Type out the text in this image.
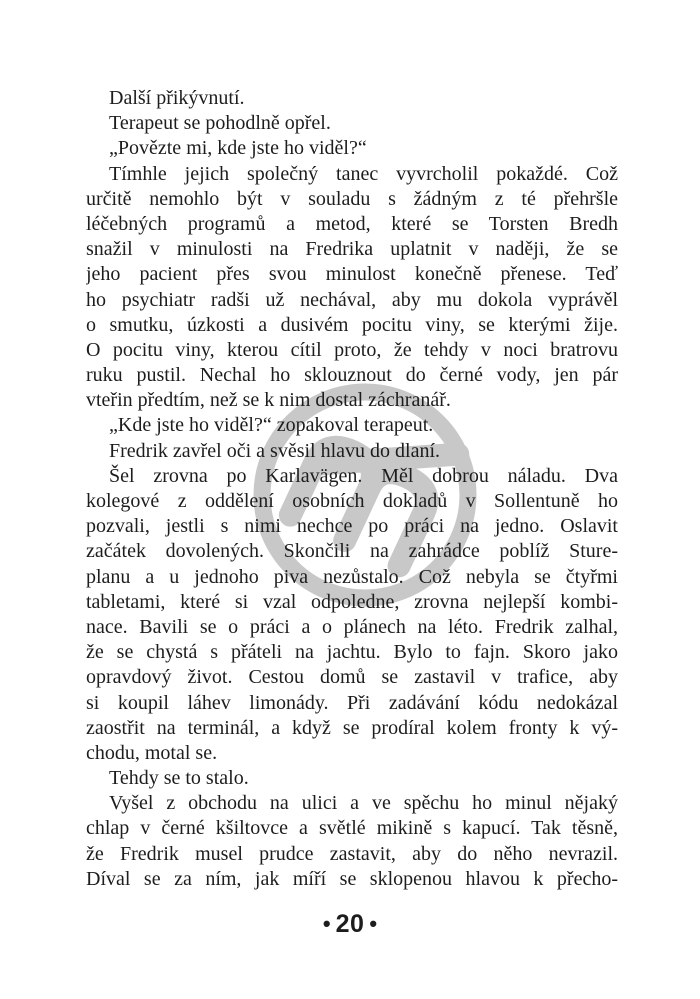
Další přikývnutí.
Terapeut se pohodlně opřel.
„Povězte mi, kde jste ho viděl?“
Tímhle jejich společný tanec vyvrcholil pokaždé. Což
určitě nemohlo být v souladu s žádným z té přehršle
léčebných programů a metod, které se Torsten Bredh
snažil v minulosti na Fredrika uplatnit v naději, že se
jeho pacient přes svou minulost konečně přenese. Teď
ho psychiatr radši už nechával, aby mu dokola vyprávěl
o smutku, úzkosti a dusivém pocitu viny, se kterými žije.
O pocitu viny, kterou cítil proto, že tehdy v noci bratrovu
ruku pustil. Nechal ho sklouznout do černé vody, jen pár
vteřin předtím, než se k nim dostal záchranář.
„Kde jste ho viděl?“ zopakoval terapeut.
Fredrik zavřel oči a svěsil hlavu do dlaní.
Šel zrovna po Karlavägen. Měl dobrou náladu. Dva
kolegové z oddělení osobních dokladů v Sollentuně ho
pozvali, jestli s nimi nechce po práci na jedno. Oslavit
začátek dovolených. Skončili na zahrádce poblíž Sture-
planu a u jednoho piva nezůstalo. Což nebyla se čtyřmi
tabletami, které si vzal odpoledne, zrovna nejlepší kombi-
nace. Bavili se o práci a o plánech na léto. Fredrik zalhal,
že se chystá s přáteli na jachtu. Bylo to fajn. Skoro jako
opravdový život. Cestou domů se zastavil v trafice, aby
si koupil láhev limonády. Při zadávání kódu nedokázal
zaostřit na terminál, a když se prodíral kolem fronty k vý-
chodu, motal se.
Tehdy se to stalo.
Vyšel z obchodu na ulici a ve spěchu ho minul nějaký
chlap v černé kšiltovce a světlé mikině s kapucí. Tak těsně,
že Fredrik musel prudce zastavit, aby do něho nevrazil.
Díval se za ním, jak míří se sklopenou hlavou k přecho-
• 20 •
